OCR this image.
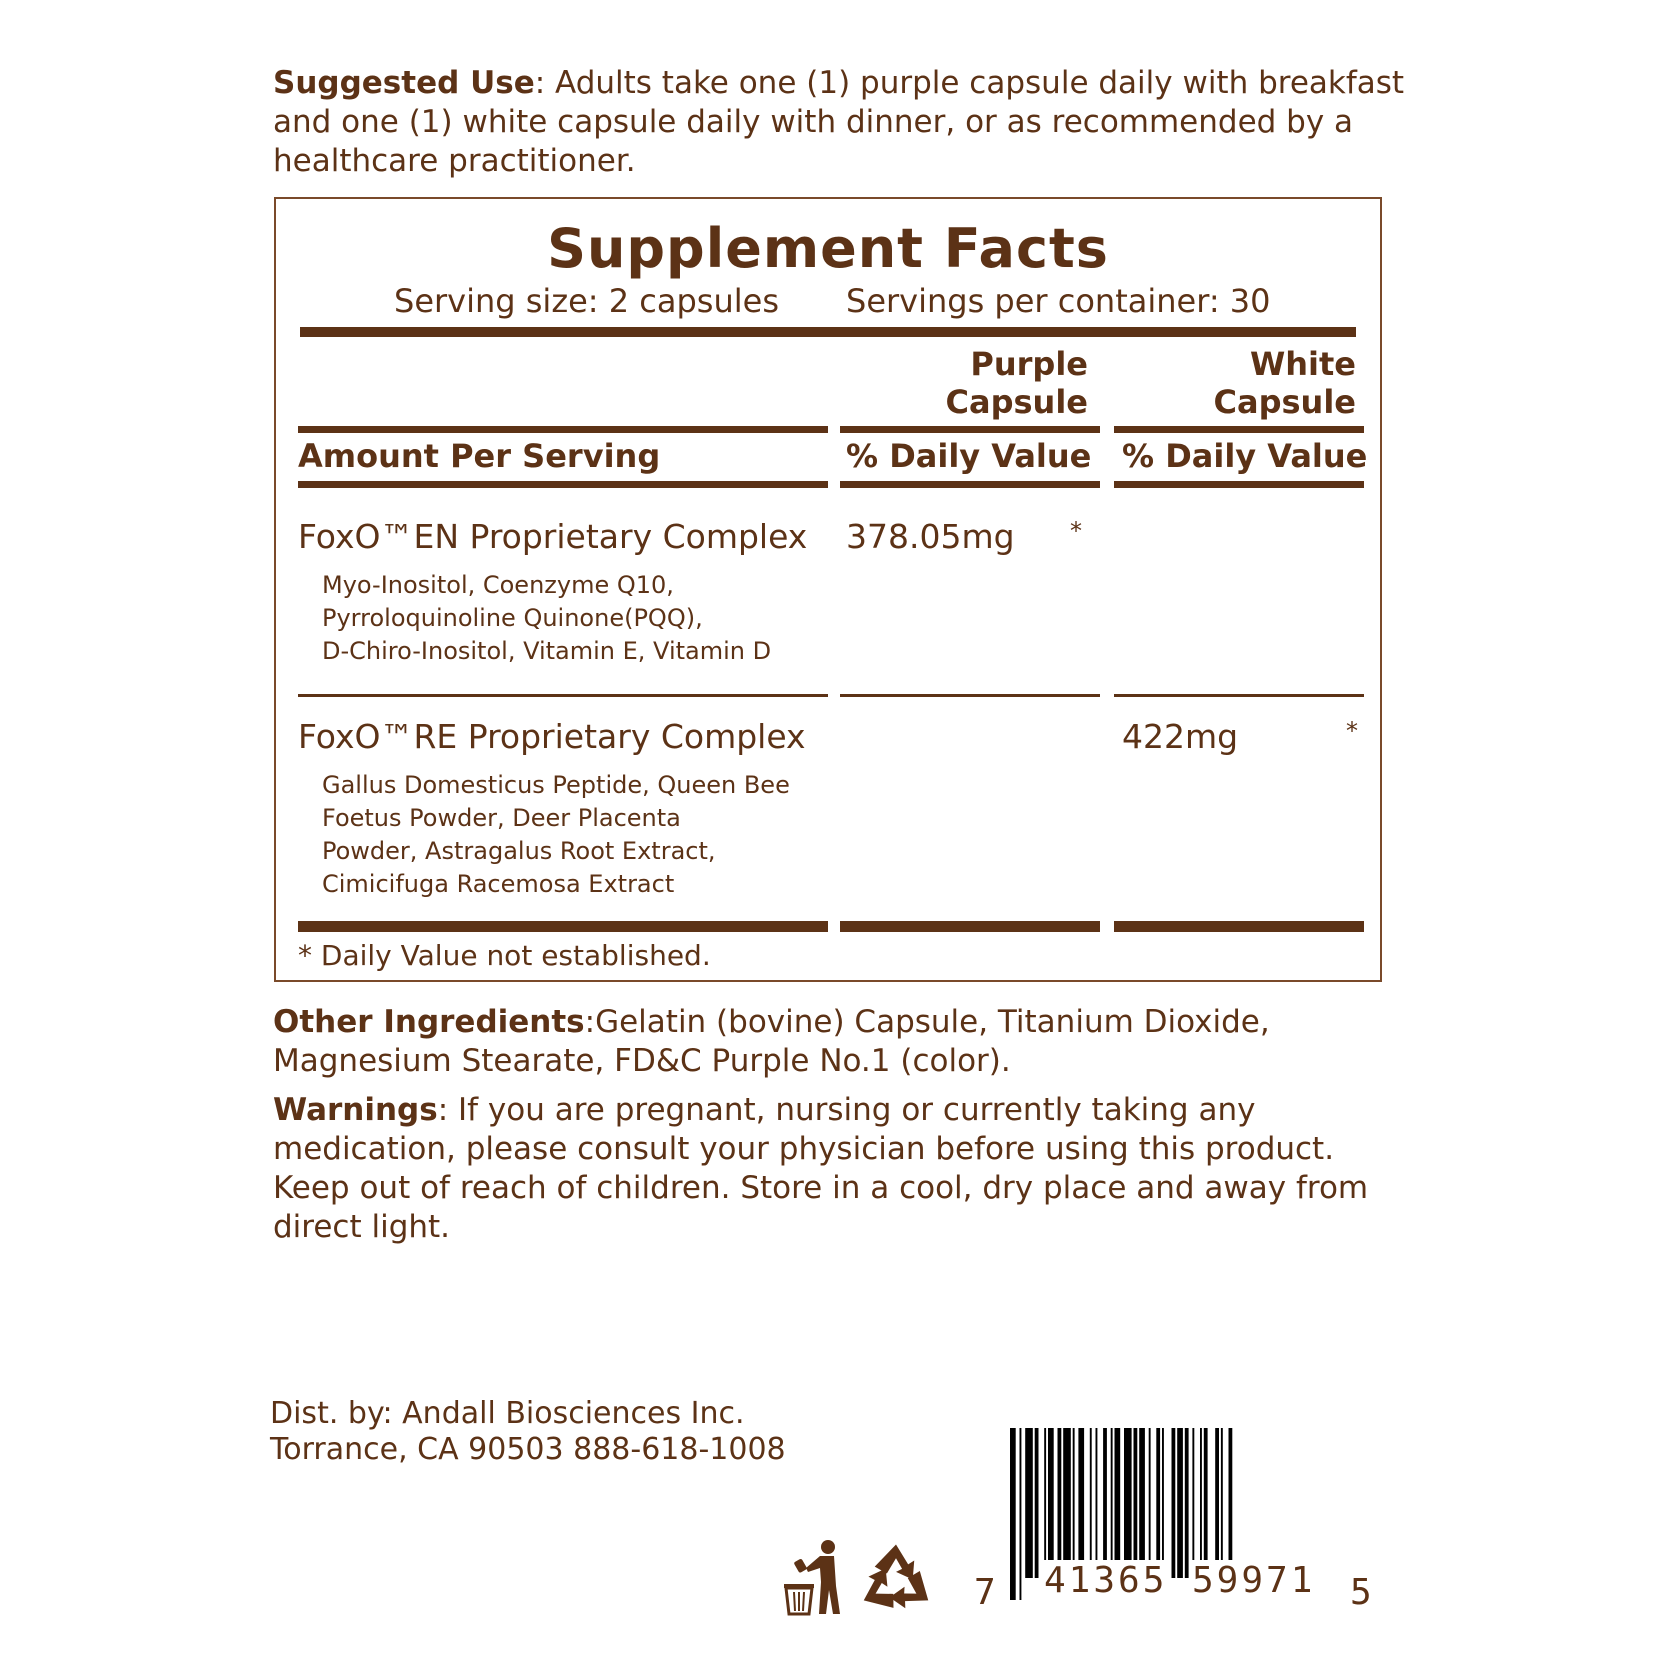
Suggested Use: Adults take one (1) purple capsule daily with breakfast and one (1) white capsule daily with dinner, or as recommended by a healthcare practitioner.
Supplement Facts
Serving size: 2 capsules Servings per container: 30
Purple
Capsule
White
Capsule
Amount Per Serving	% Daily Value % Daily Value
FoxO™EN Proprietary Complex
Myo-Inositol, Coenzyme Q10,
Pyrroloquinoline Quinone(PQQ),
D-Chiro-Inositol, Vitamin E, Vitamin D
378.05mg *
FoxO™RE Proprietary Complex
Gallus Domesticus Peptide, Queen Bee
Foetus Powder, Deer Placenta
Powder, Astragalus Root Extract,
Cimicifuga Racemosa Extract
422mg	*
* Daily Value not established.
Other Ingredients:Gelatin (bovine) Capsule, Titanium Dioxide, Magnesium Stearate, FD&C Purple No.1 (color).
Warnings: If you are pregnant, nursing or currently taking any medication, please consult your physician before using this product. Keep out of reach of children. Store in a cool, dry place and away from direct light.
Dist. by: Andall Biosciences Inc.
Torrance, CA 90503 888-618-1008
7 41365 59971 5
